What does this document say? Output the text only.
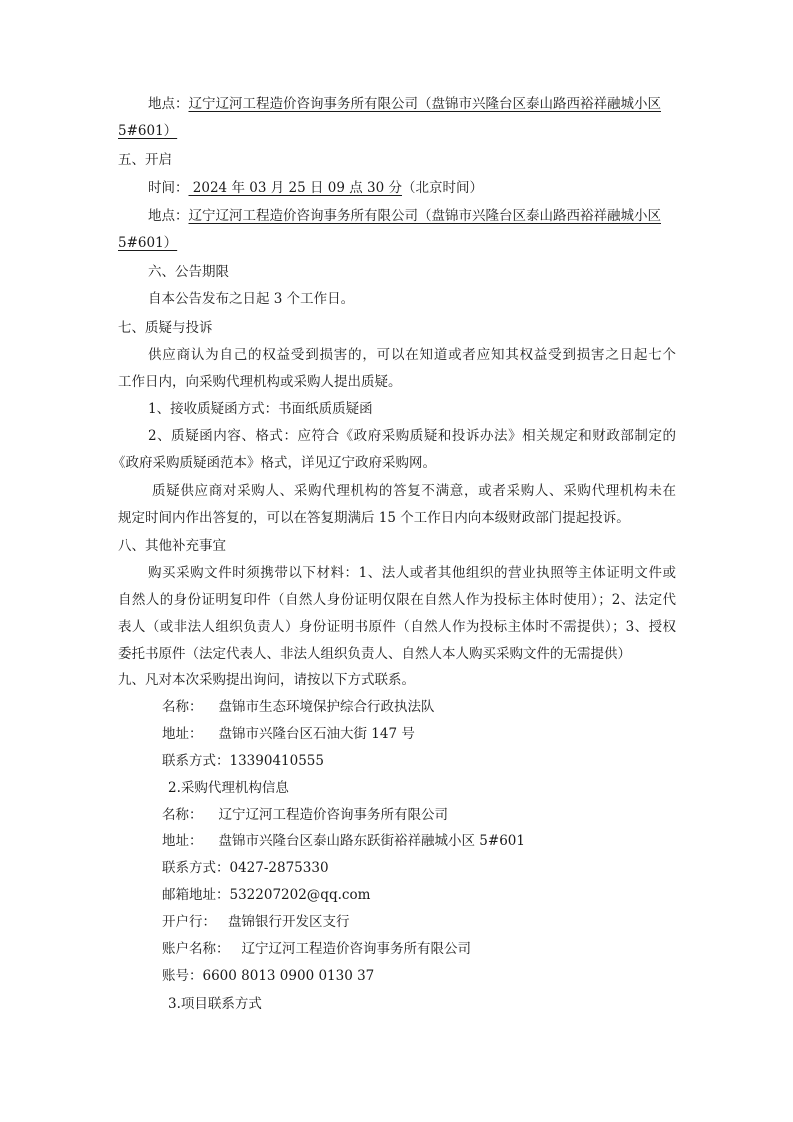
地点：辽宁辽河工程造价咨询事务所有限公司（盘锦市兴隆台区泰山路西裕祥融城小区
5#601）
五、开启
时间： 2024 年 03 月 25 日 09 点 30 分（北京时间）
地点：辽宁辽河工程造价咨询事务所有限公司（盘锦市兴隆台区泰山路西裕祥融城小区
5#601）
六、公告期限
自本公告发布之日起 3 个工作日。
七、质疑与投诉
供应商认为自己的权益受到损害的，可以在知道或者应知其权益受到损害之日起七个
工作日内，向采购代理机构或采购人提出质疑。
1、接收质疑函方式：书面纸质质疑函
2、质疑函内容、格式：应符合《政府采购质疑和投诉办法》相关规定和财政部制定的
《政府采购质疑函范本》格式，详见辽宁政府采购网。
质疑供应商对采购人、采购代理机构的答复不满意，或者采购人、采购代理机构未在
规定时间内作出答复的，可以在答复期满后 15 个工作日内向本级财政部门提起投诉。
八、其他补充事宜
购买采购文件时须携带以下材料：1、法人或者其他组织的营业执照等主体证明文件或
自然人的身份证明复印件（自然人身份证明仅限在自然人作为投标主体时使用）；2、法定代
表人（或非法人组织负责人）身份证明书原件（自然人作为投标主体时不需提供）；3、授权
委托书原件（法定代表人、非法人组织负责人、自然人本人购买采购文件的无需提供）
九、凡对本次采购提出询问，请按以下方式联系。
名称： 盘锦市生态环境保护综合行政执法队
地址： 盘锦市兴隆台区石油大街 147 号
联系方式：13390410555
2.采购代理机构信息
名称： 辽宁辽河工程造价咨询事务所有限公司
地址： 盘锦市兴隆台区泰山路东跃街裕祥融城小区 5#601
联系方式：0427-2875330
邮箱地址：532207202@qq.com
开户行： 盘锦银行开发区支行
账户名称： 辽宁辽河工程造价咨询事务所有限公司
账号：6600 8013 0900 0130 37
3.项目联系方式
